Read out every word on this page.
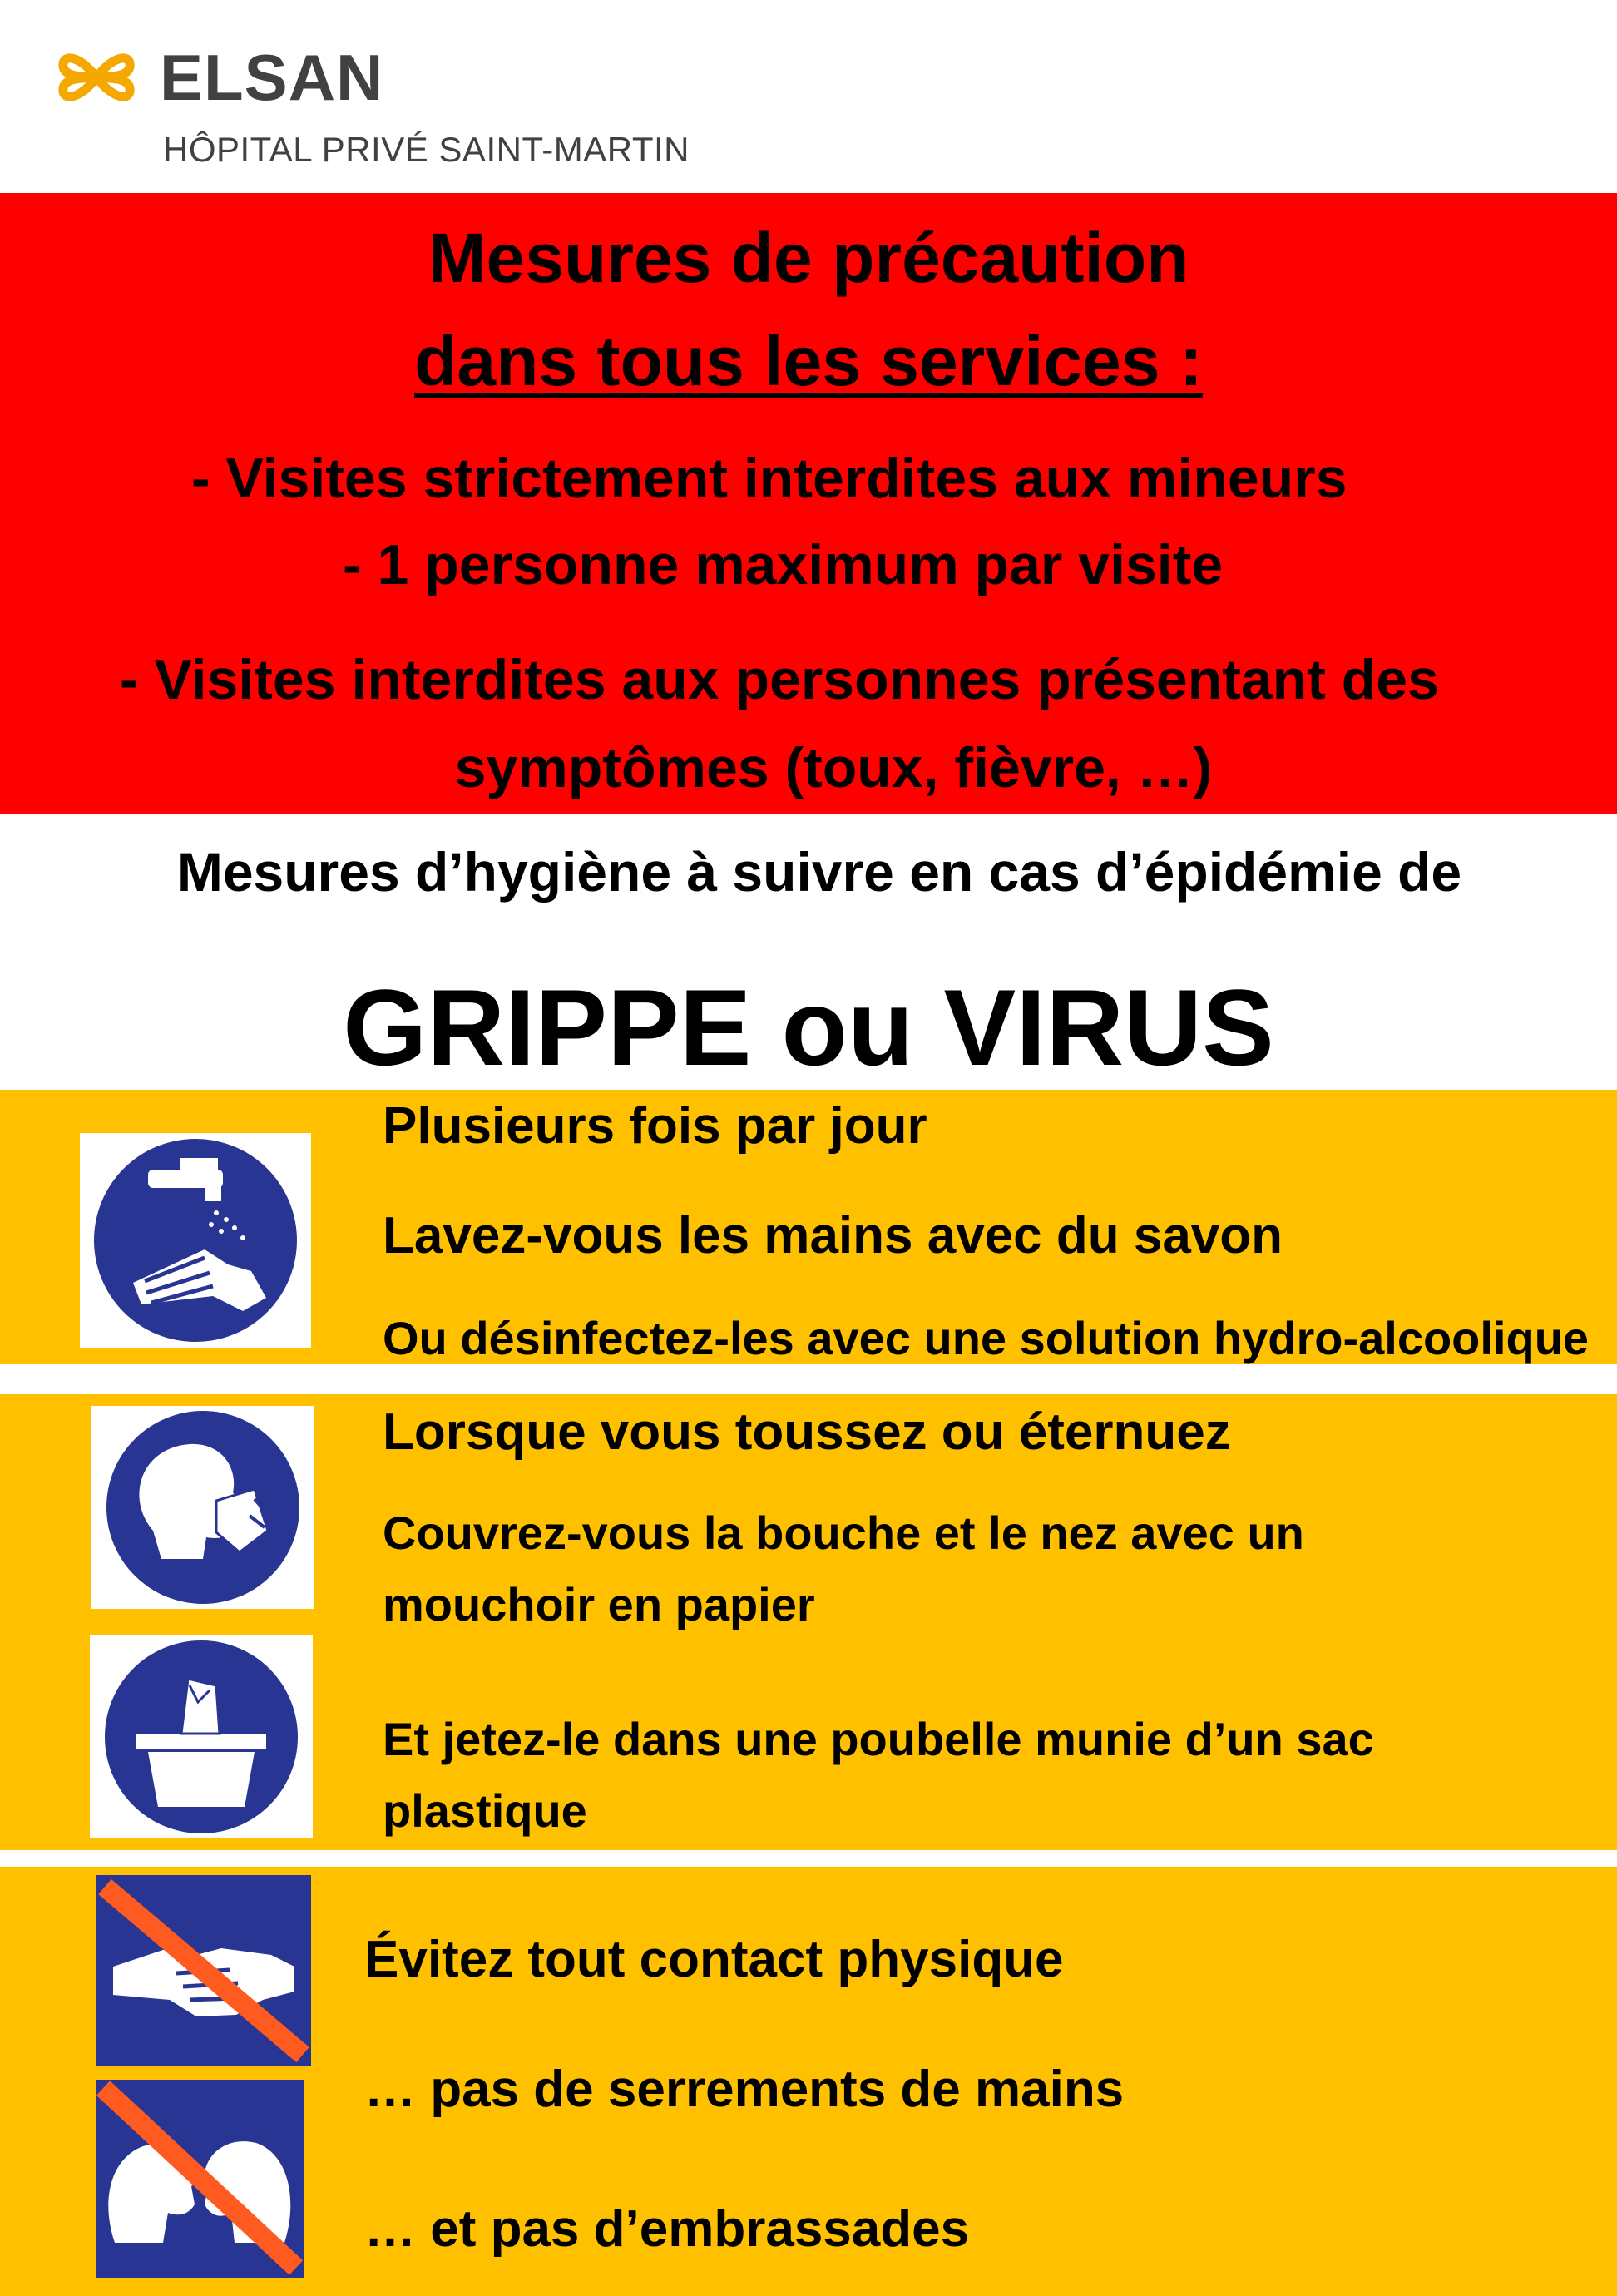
ELSAN
HÔPITAL PRIVÉ SAINT-MARTIN
Mesures de précaution
dans tous les services :
- Visites strictement interdites aux mineurs
- 1 personne maximum par visite
- Visites interdites aux personnes présentant des
symptômes (toux, fièvre, …)
Mesures d’hygiène à suivre en cas d’épidémie de
GRIPPE ou VIRUS
Plusieurs fois par jour
Lavez-vous les mains avec du savon
Ou désinfectez-les avec une solution hydro-alcoolique
Lorsque vous toussez ou éternuez
Couvrez-vous la bouche et le nez avec un
mouchoir en papier
Et jetez-le dans une poubelle munie d’un sac
plastique
Évitez tout contact physique
… pas de serrements de mains
… et pas d’embrassades
